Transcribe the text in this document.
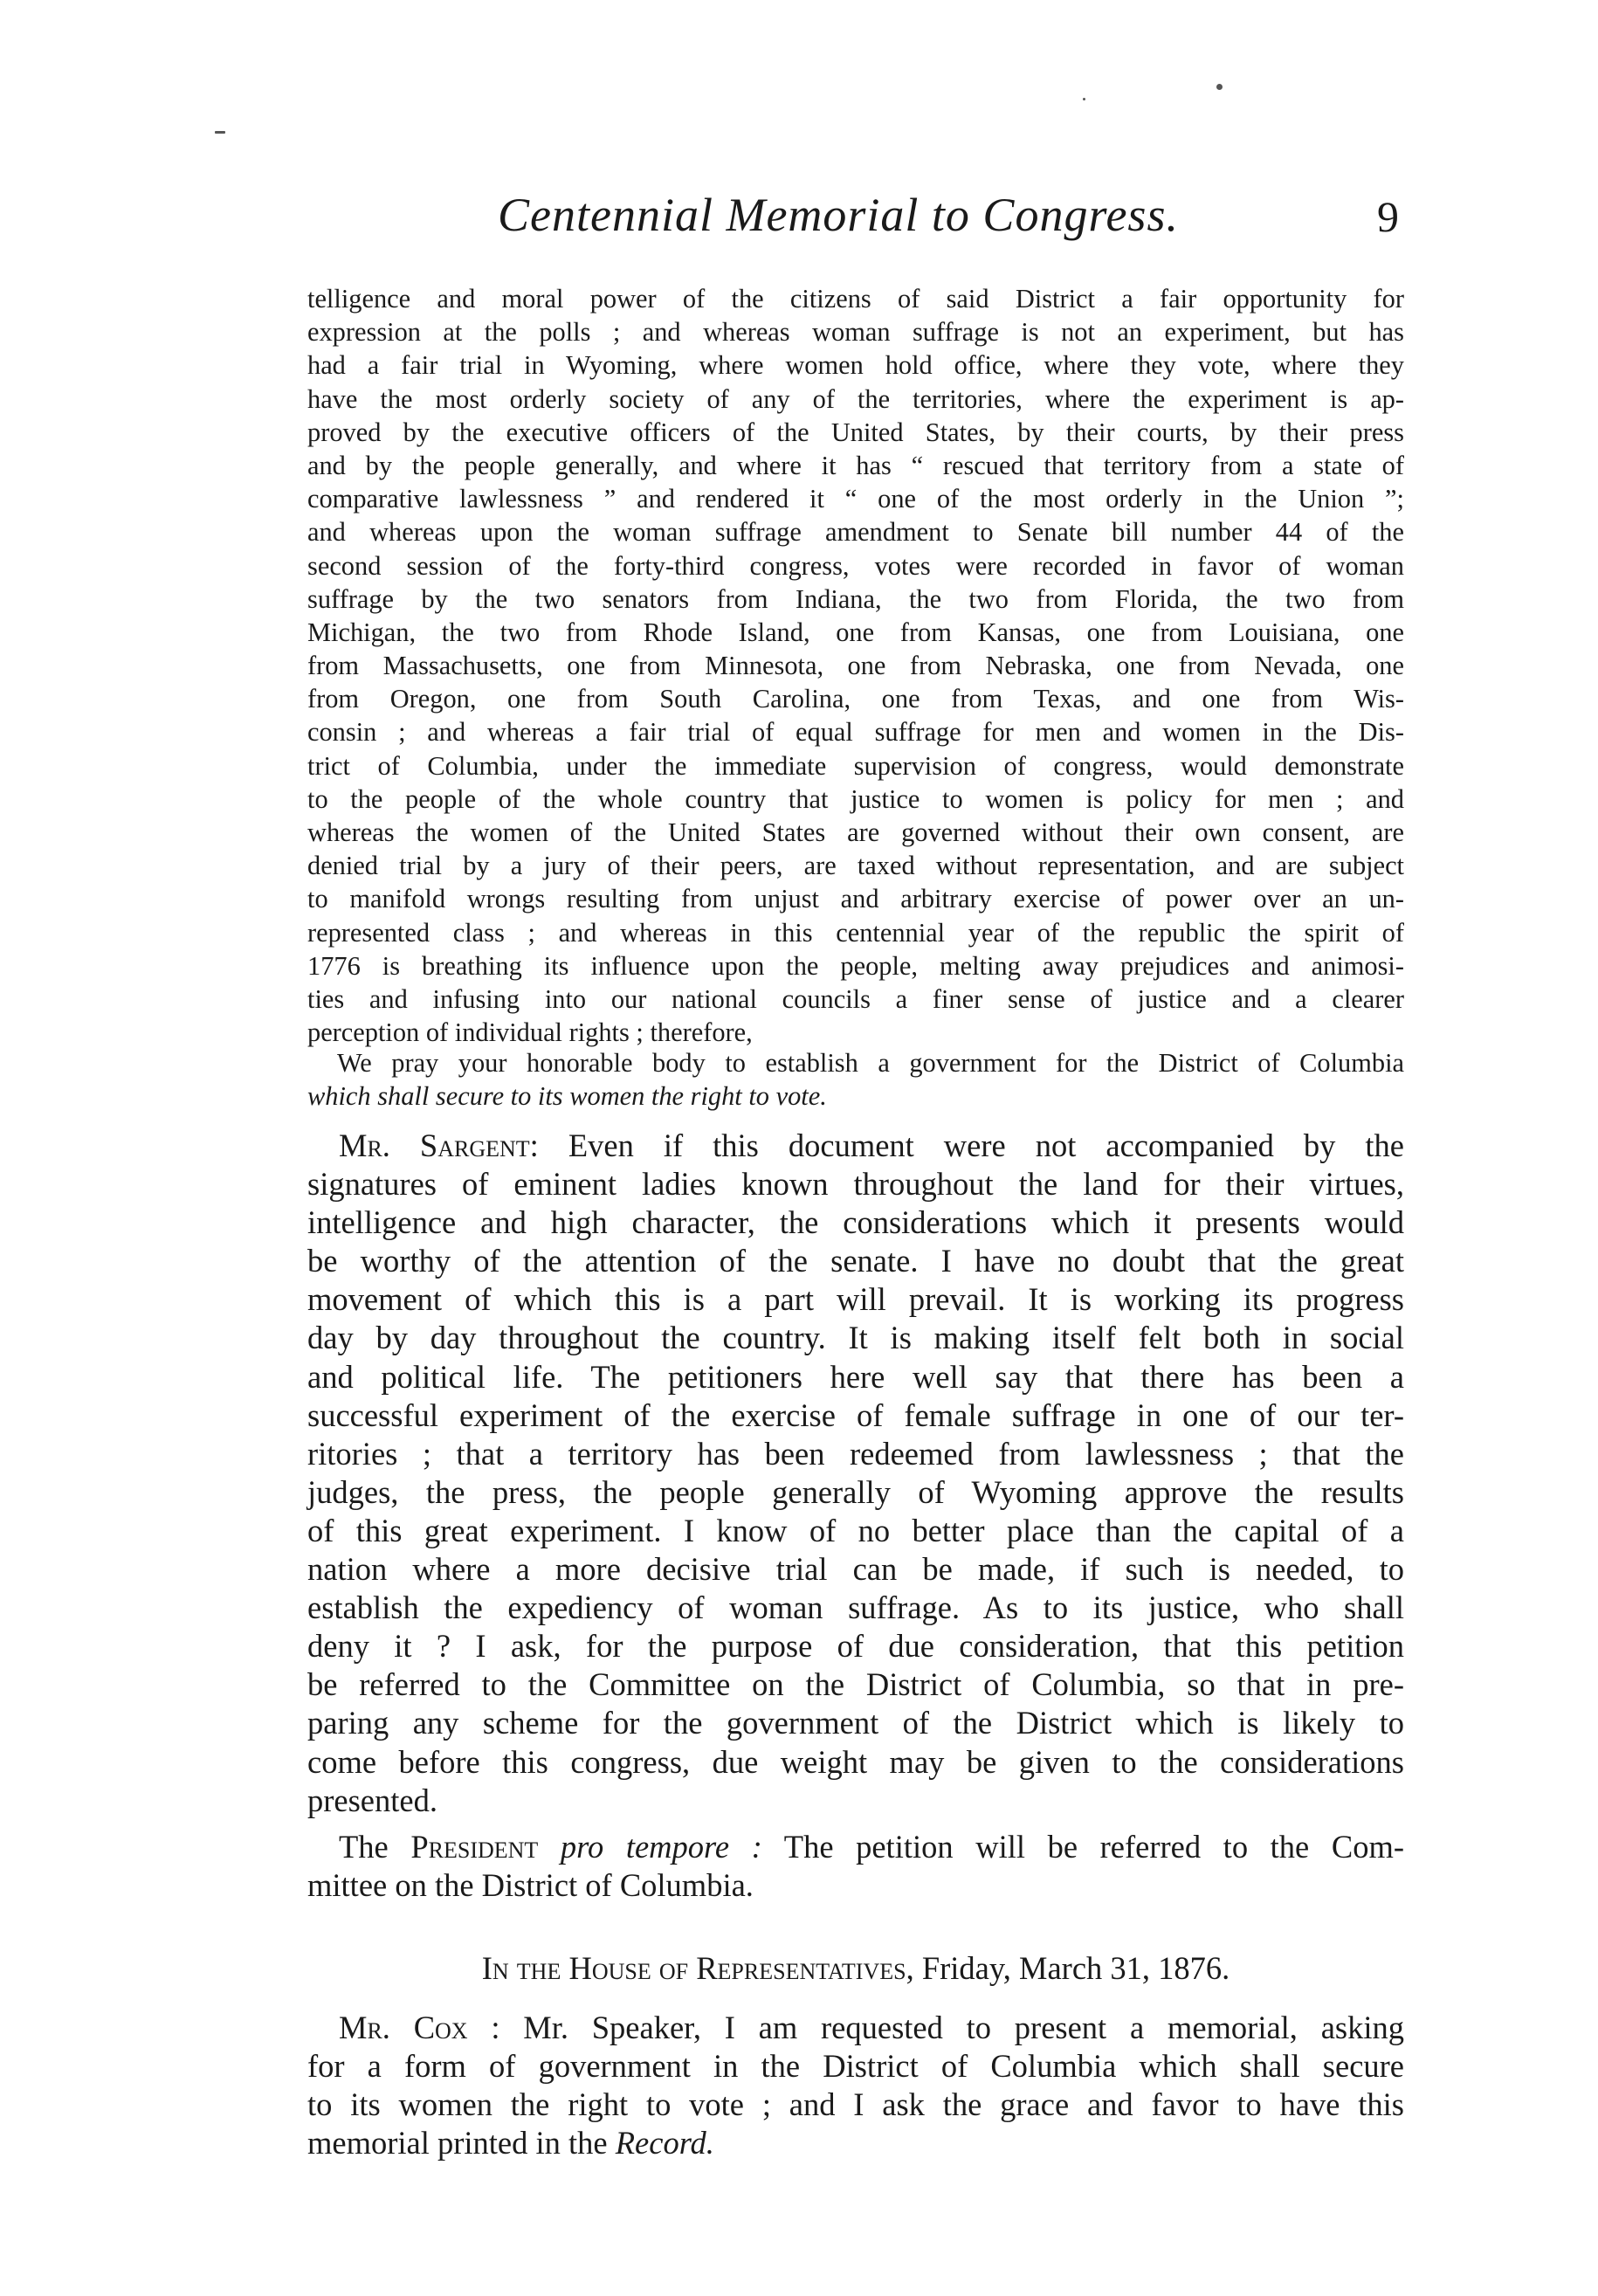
Centennial Memorial to Congress.	9
telligence and moral power of the citizens of said District a fair opportunity for
expression at the polls ; and whereas woman suffrage is not an experiment, but has
had a fair trial in Wyoming, where women hold office, where they vote, where they
have the most orderly society of any of the territories, where the experiment is ap-
proved by the executive officers of the United States, by their courts, by their press
and by the people generally, and where it has “ rescued that territory from a state of
comparative lawlessness ” and rendered it “ one of the most orderly in the Union ”;
and whereas upon the woman suffrage amendment to Senate bill number 44 of the
second session of the forty-third congress, votes were recorded in favor of woman
suffrage by the two senators from Indiana, the two from Florida, the two from
Michigan, the two from Rhode Island, one from Kansas, one from Louisiana, one
from Massachusetts, one from Minnesota, one from Nebraska, one from Nevada, one
from Oregon, one from South Carolina, one from Texas, and one from Wis-
consin ; and whereas a fair trial of equal suffrage for men and women in the Dis-
trict of Columbia, under the immediate supervision of congress, would demonstrate
to the people of the whole country that justice to women is policy for men ; and
whereas the women of the United States are governed without their own consent, are
denied trial by a jury of their peers, are taxed without representation, and are subject
to manifold wrongs resulting from unjust and arbitrary exercise of power over an un-
represented class ; and whereas in this centennial year of the republic the spirit of
1776 is breathing its influence upon the people, melting away prejudices and animosi-
ties and infusing into our national councils a finer sense of justice and a clearer
perception of individual rights ; therefore,
We pray your honorable body to establish a government for the District of Columbia
which shall secure to its women the right to vote.
Mr. Sargent: Even if this document were not accompanied by the
signatures of eminent ladies known throughout the land for their virtues,
intelligence and high character, the considerations which it presents would
be worthy of the attention of the senate. I have no doubt that the great
movement of which this is a part will prevail. It is working its progress
day by day throughout the country. It is making itself felt both in social
and political life. The petitioners here well say that there has been a
successful experiment of the exercise of female suffrage in one of our ter-
ritories ; that a territory has been redeemed from lawlessness ; that the
judges, the press, the people generally of Wyoming approve the results
of this great experiment. I know of no better place than the capital of a
nation where a more decisive trial can be made, if such is needed, to
establish the expediency of woman suffrage. As to its justice, who shall
deny it ? I ask, for the purpose of due consideration, that this petition
be referred to the Committee on the District of Columbia, so that in pre-
paring any scheme for the government of the District which is likely to
come before this congress, due weight may be given to the considerations
presented.
The President pro tempore : The petition will be referred to the Com-
mittee on the District of Columbia.
In the House of Representatives, Friday, March 31, 1876.
Mr. Cox : Mr. Speaker, I am requested to present a memorial, asking
for a form of government in the District of Columbia which shall secure
to its women the right to vote ; and I ask the grace and favor to have this
memorial printed in the Record.
